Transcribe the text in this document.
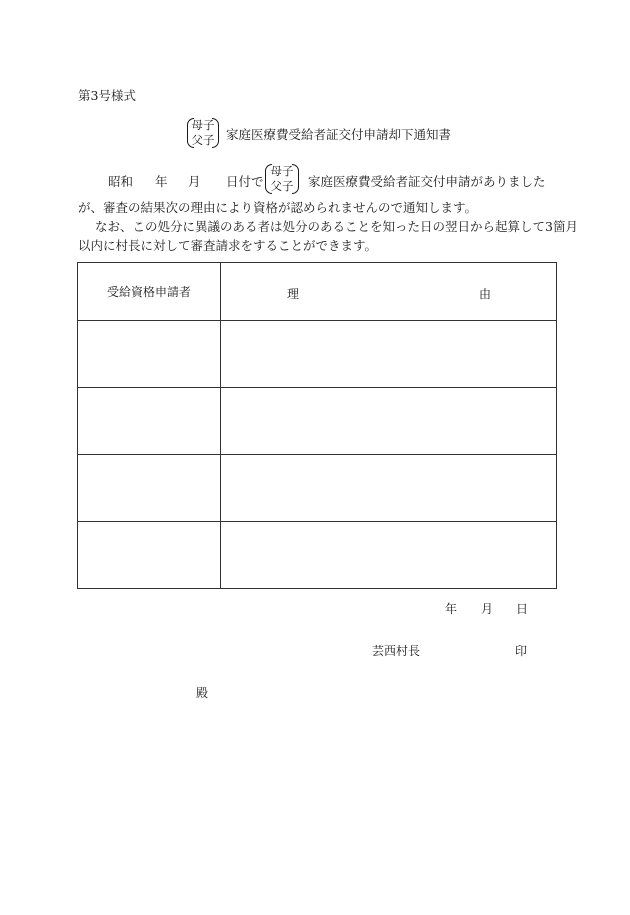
第3号様式
母子
父子 家庭医療費受給者証交付申請却下通知書
昭和 年 月 日付で
母子
父子 家庭医療費受給者証交付申請がありました
が、審査の結果次の理由により資格が認められませんので通知します。
なお、この処分に異議のある者は処分のあることを知った日の翌日から起算して3箇月
以内に村長に対して審査請求をすることができます。
受給資格申請者	理 由

年 月 日
芸西村長	印
殿
